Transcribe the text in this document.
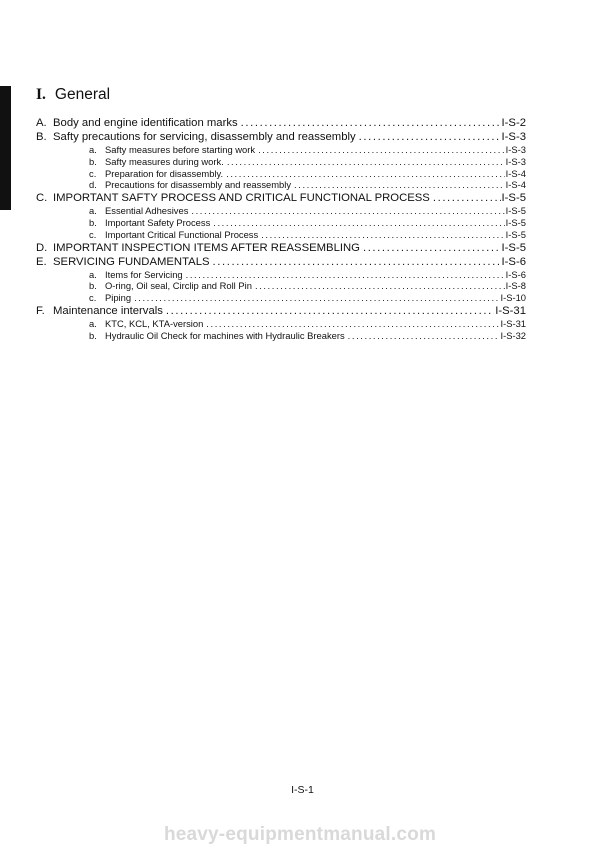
I. General
A. Body and engine identification marks .....	I-S-2
B. Safty precautions for servicing, disassembly and reassembly .....	I-S-3
a. Safty measures before starting work .....	I-S-3
b. Safty measures during work. .....	I-S-3
c. Preparation for disassembly. .....	I-S-4
d. Precautions for disassembly and reassembly .....	I-S-4
C. IMPORTANT SAFTY PROCESS AND CRITICAL FUNCTIONAL PROCESS .....	I-S-5
a. Essential Adhesives .....	I-S-5
b. Important Safety Process .....	I-S-5
c. Important Critical Functional Process .....	I-S-5
D. IMPORTANT INSPECTION ITEMS AFTER REASSEMBLING .....	I-S-5
E. SERVICING FUNDAMENTALS .....	I-S-6
a. Items for Servicing .....	I-S-6
b. O-ring, Oil seal, Circlip and Roll Pin .....	I-S-8
c. Piping .....	I-S-10
F. Maintenance intervals .....	I-S-31
a. KTC, KCL, KTA-version .....	I-S-31
b. Hydraulic Oil Check for machines with Hydraulic Breakers .....	I-S-32
I-S-1
heavy-equipmentmanual.com
